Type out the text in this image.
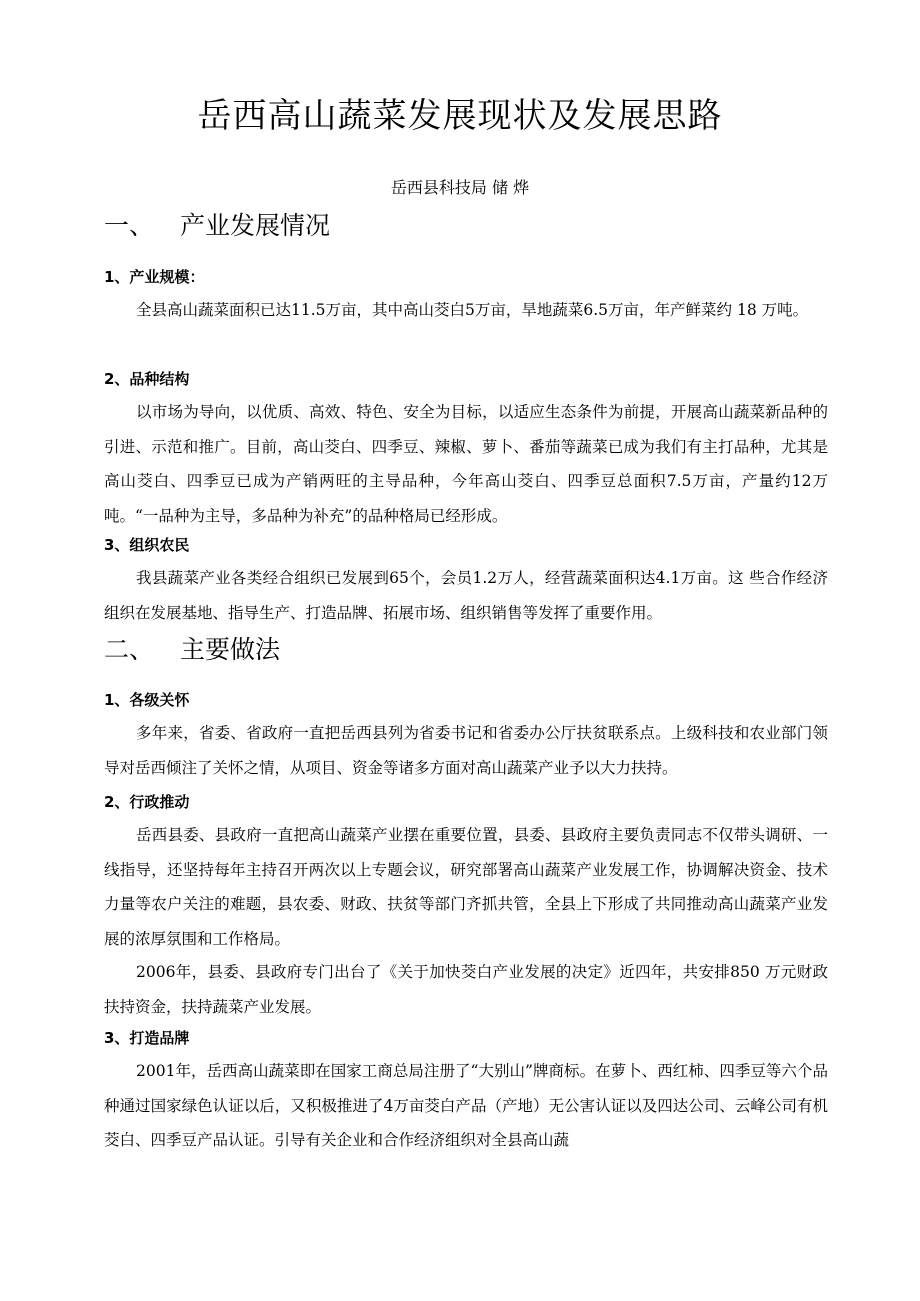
岳西高山蔬菜发展现状及发展思路
岳西县科技局 储 烨
一、 产业发展情况
1、产业规模：

全县高山蔬菜面积已达11.5万亩，其中高山茭白5万亩，旱地蔬菜6.5万亩，年产鲜菜约 18 万吨。

2、品种结构

以市场为导向，以优质、高效、特色、安全为目标，以适应生态条件为前提，开展高山蔬菜新品种的引进、示范和推广。目前，高山茭白、四季豆、辣椒、萝卜、番茄等蔬菜已成为我们有主打品种，尤其是高山茭白、四季豆已成为产销两旺的主导品种，今年高山茭白、四季豆总面积7.5万亩，产量约12万吨。“一品种为主导，多品种为补充”的品种格局已经形成。

3、组织农民

我县蔬菜产业各类经合组织已发展到65个，会员1.2万人，经营蔬菜面积达4.1万亩。这 些合作经济组织在发展基地、指导生产、打造品牌、拓展市场、组织销售等发挥了重要作用。

二、 主要做法
1、各级关怀

多年来，省委、省政府一直把岳西县列为省委书记和省委办公厅扶贫联系点。上级科技和农业部门领导对岳西倾注了关怀之情，从项目、资金等诸多方面对高山蔬菜产业予以大力扶持。

2、行政推动

岳西县委、县政府一直把高山蔬菜产业摆在重要位置，县委、县政府主要负责同志不仅带头调研、一线指导，还坚持每年主持召开两次以上专题会议，研究部署高山蔬菜产业发展工作，协调解决资金、技术力量等农户关注的难题，县农委、财政、扶贫等部门齐抓共管，全县上下形成了共同推动高山蔬菜产业发展的浓厚氛围和工作格局。

2006年，县委、县政府专门出台了《关于加快茭白产业发展的决定》近四年，共安排850 万元财政扶持资金，扶持蔬菜产业发展。

3、打造品牌

2001年，岳西高山蔬菜即在国家工商总局注册了“大别山”牌商标。在萝卜、西红柿、四季豆等六个品种通过国家绿色认证以后，又积极推进了4万亩茭白产品（产地）无公害认证以及四达公司、云峰公司有机茭白、四季豆产品认证。引导有关企业和合作经济组织对全县高山蔬
